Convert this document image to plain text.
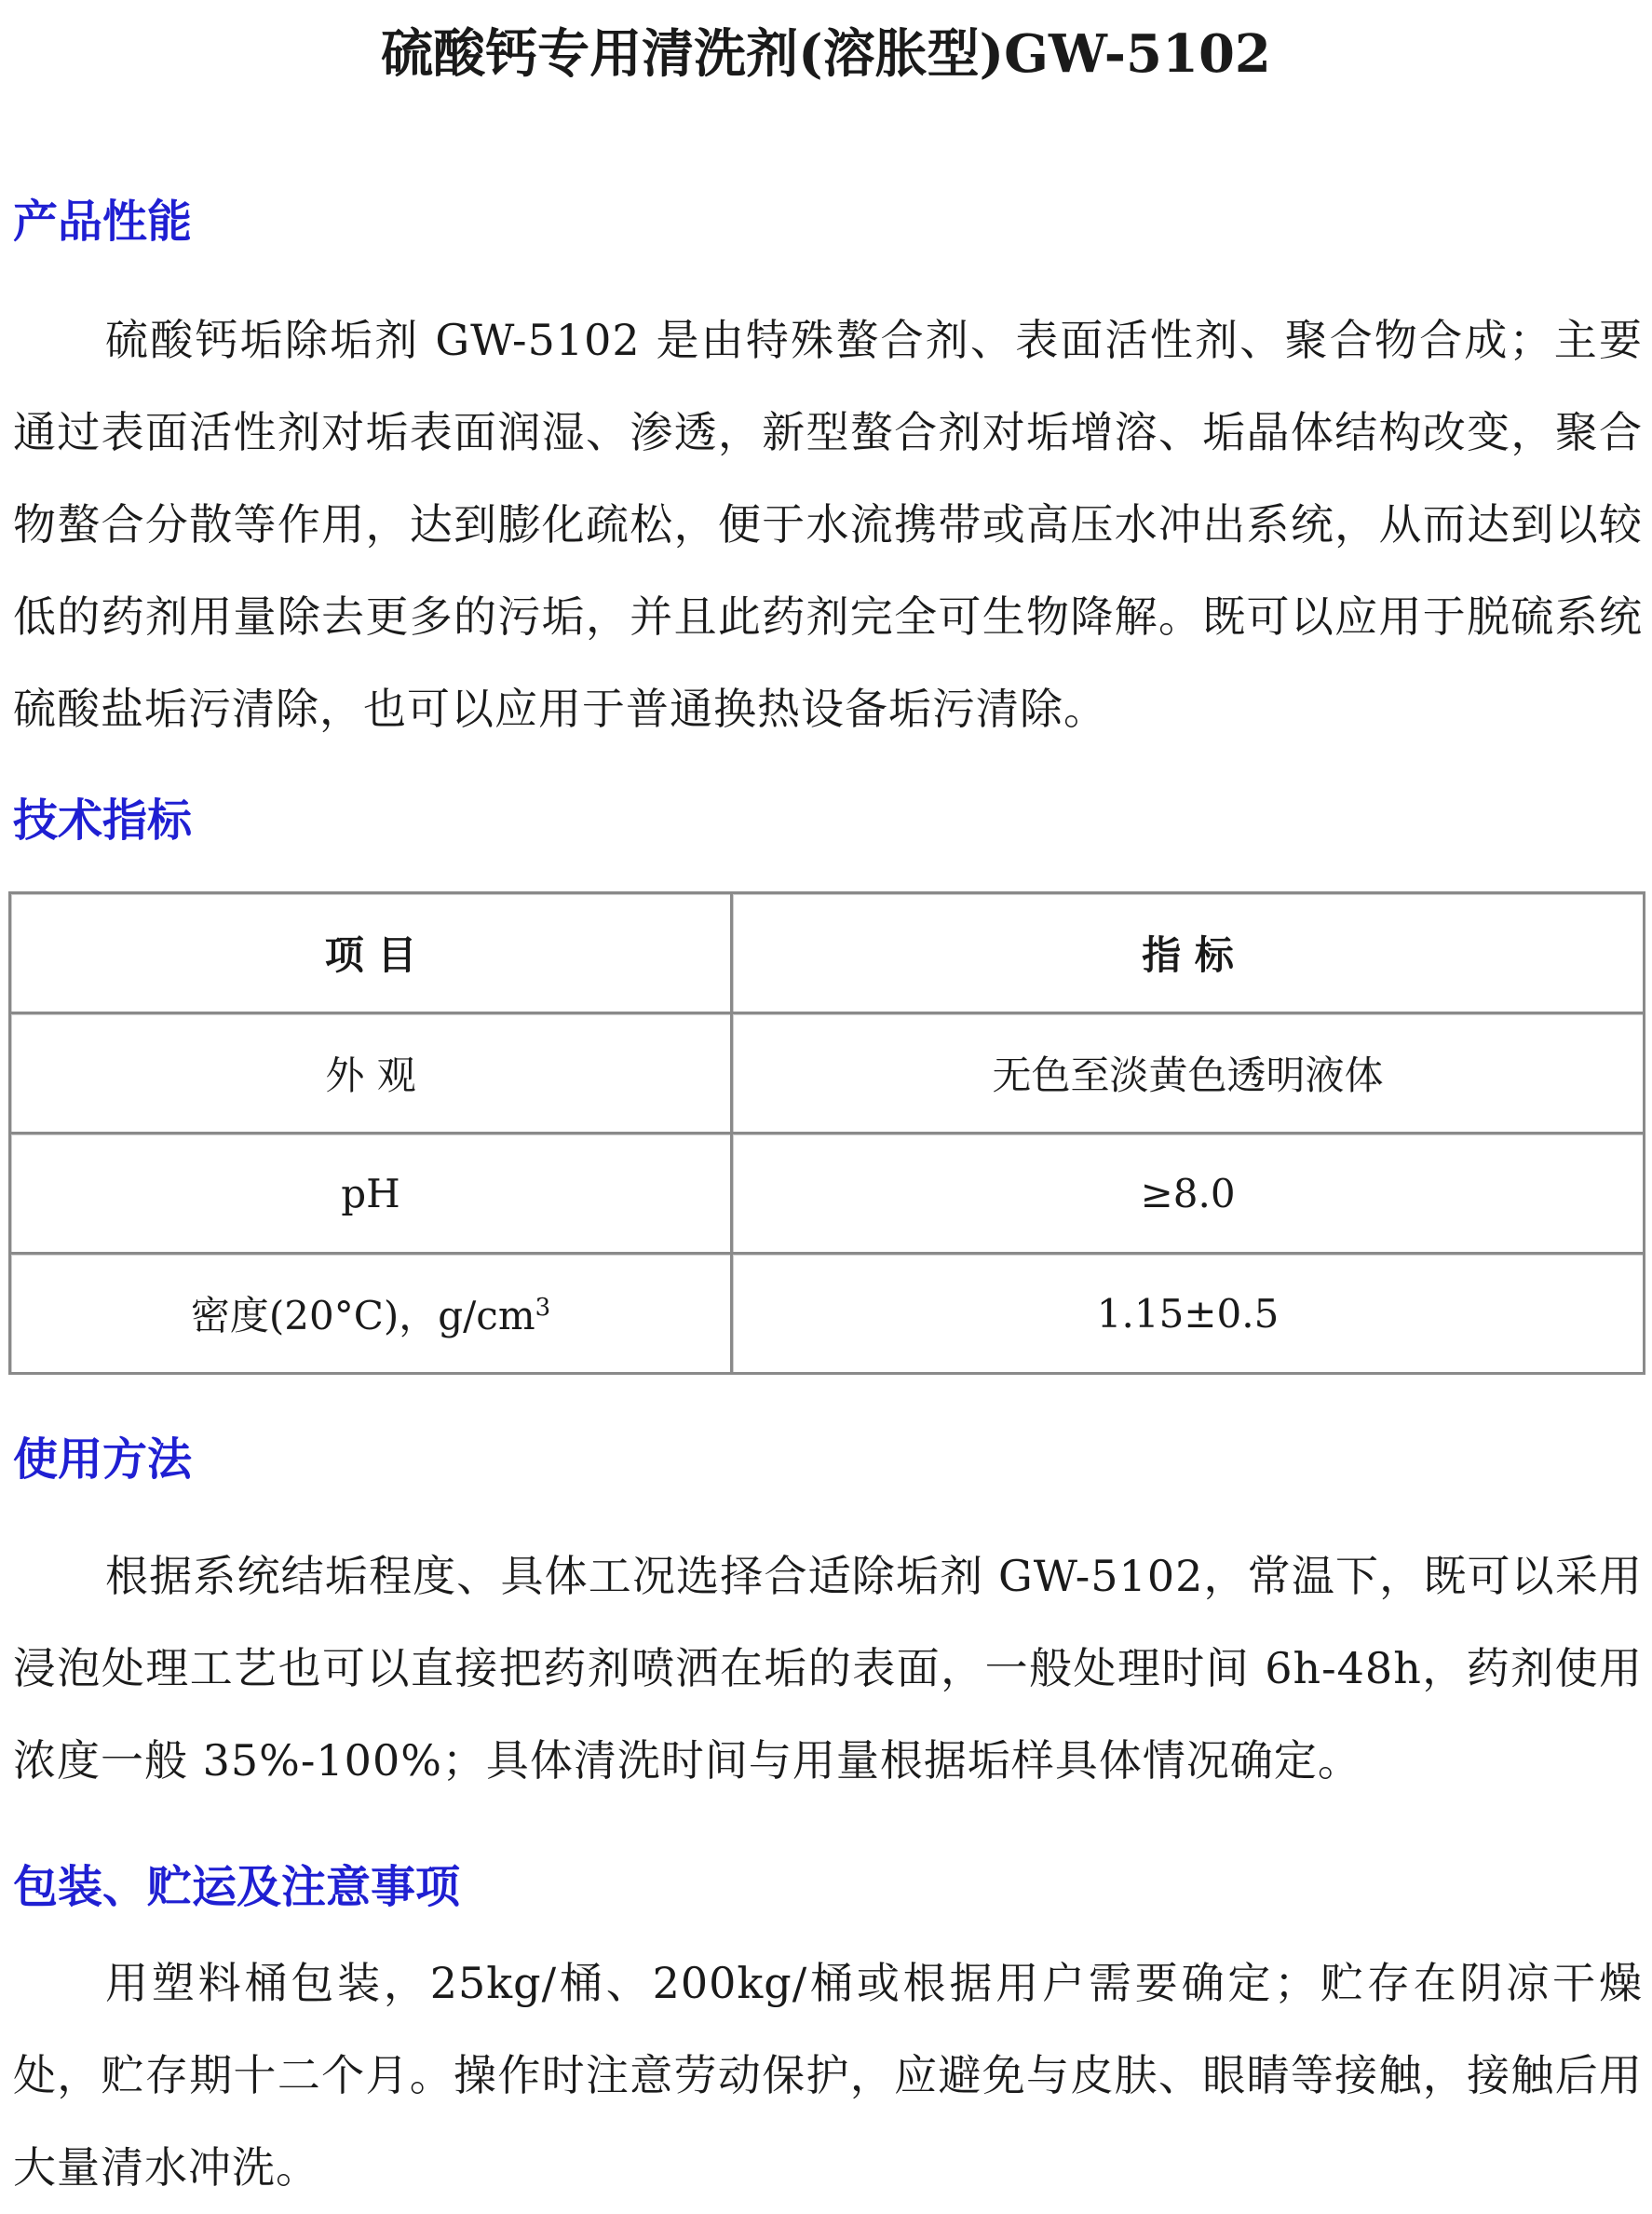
硫酸钙专用清洗剂(溶胀型)GW-5102
产品性能

硫酸钙垢除垢剂 GW-5102 是由特殊螯合剂、表面活性剂、聚合物合成；主要通过表面活性剂对垢表面润湿、渗透，新型螯合剂对垢增溶、垢晶体结构改变，聚合物螯合分散等作用，达到膨化疏松，便于水流携带或高压水冲出系统，从而达到以较低的药剂用量除去更多的污垢，并且此药剂完全可生物降解。既可以应用于脱硫系统硫酸盐垢污清除，也可以应用于普通换热设备垢污清除。

技术指标
项 目	指 标
外 观	无色至淡黄色透明液体
pH	≥8.0
密度(20°C)，$g/cm^3$	1.15±0.5
使用方法

根据系统结垢程度、具体工况选择合适除垢剂 GW-5102，常温下，既可以采用浸泡处理工艺也可以直接把药剂喷洒在垢的表面，一般处理时间 6h-48h，药剂使用浓度一般 35%-100%；具体清洗时间与用量根据垢样具体情况确定。

包装、贮运及注意事项

用塑料桶包装，25kg/桶、200kg/桶或根据用户需要确定；贮存在阴凉干燥处，贮存期十二个月。操作时注意劳动保护，应避免与皮肤、眼睛等接触，接触后用大量清水冲洗。
